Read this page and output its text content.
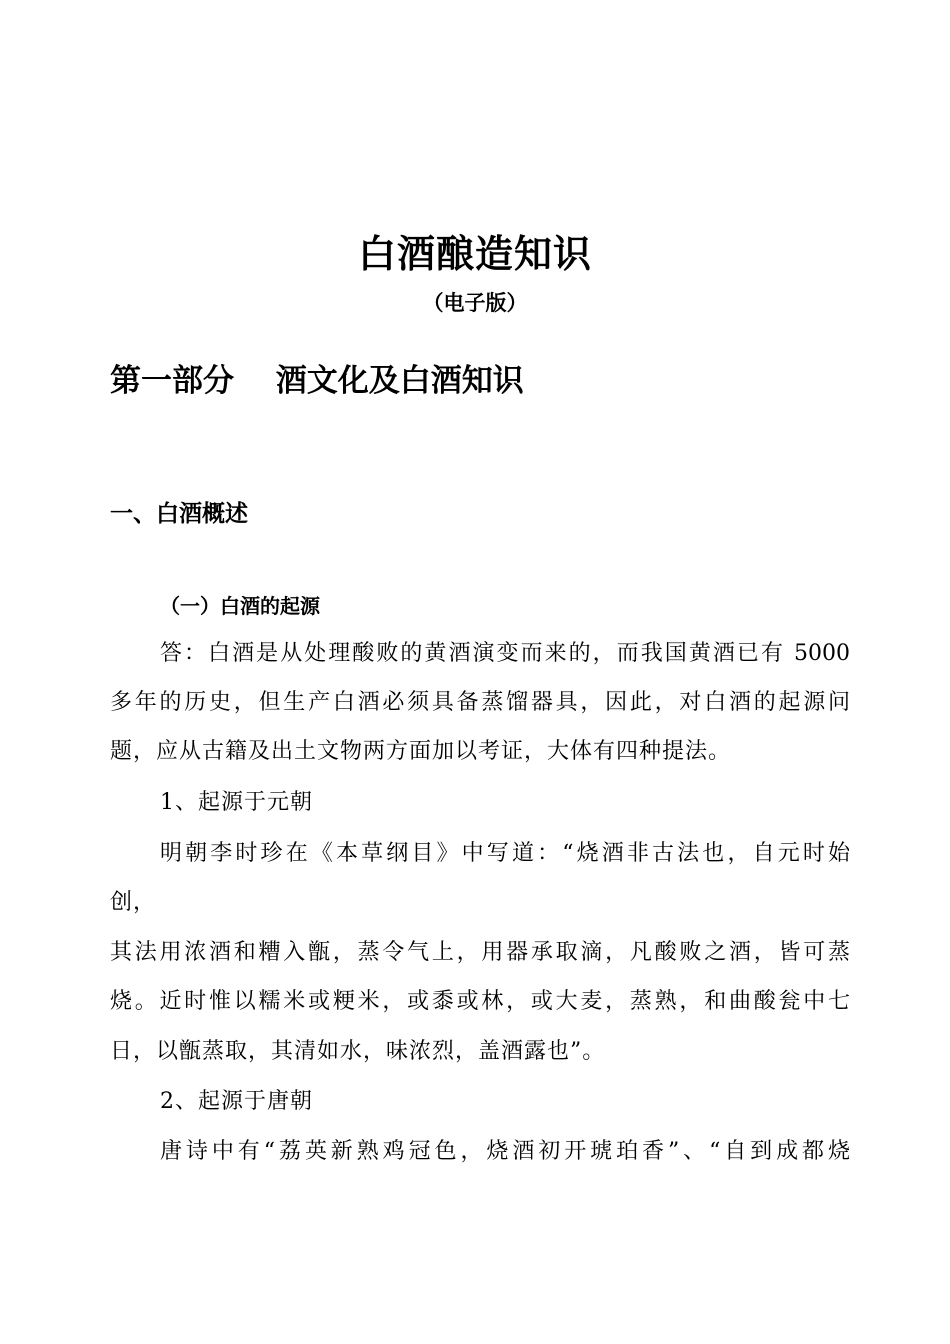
白酒酿造知识
（电子版）
第一部分　 酒文化及白酒知识
一、白酒概述
（一）白酒的起源
答：白酒是从处理酸败的黄酒演变而来的，而我国黄酒已有 5000
多年的历史，但生产白酒必须具备蒸馏器具，因此，对白酒的起源问
题，应从古籍及出土文物两方面加以考证，大体有四种提法。
1、起源于元朝
明朝李时珍在《本草纲目》中写道：“烧酒非古法也，自元时始
创，
其法用浓酒和糟入甑，蒸令气上，用器承取滴，凡酸败之酒，皆可蒸
烧。近时惟以糯米或粳米，或黍或林，或大麦，蒸熟，和曲酸瓮中七
日，以甑蒸取，其清如水，味浓烈，盖酒露也”。
2、起源于唐朝
唐诗中有“荔英新熟鸡冠色，烧酒初开琥珀香”、“自到成都烧
